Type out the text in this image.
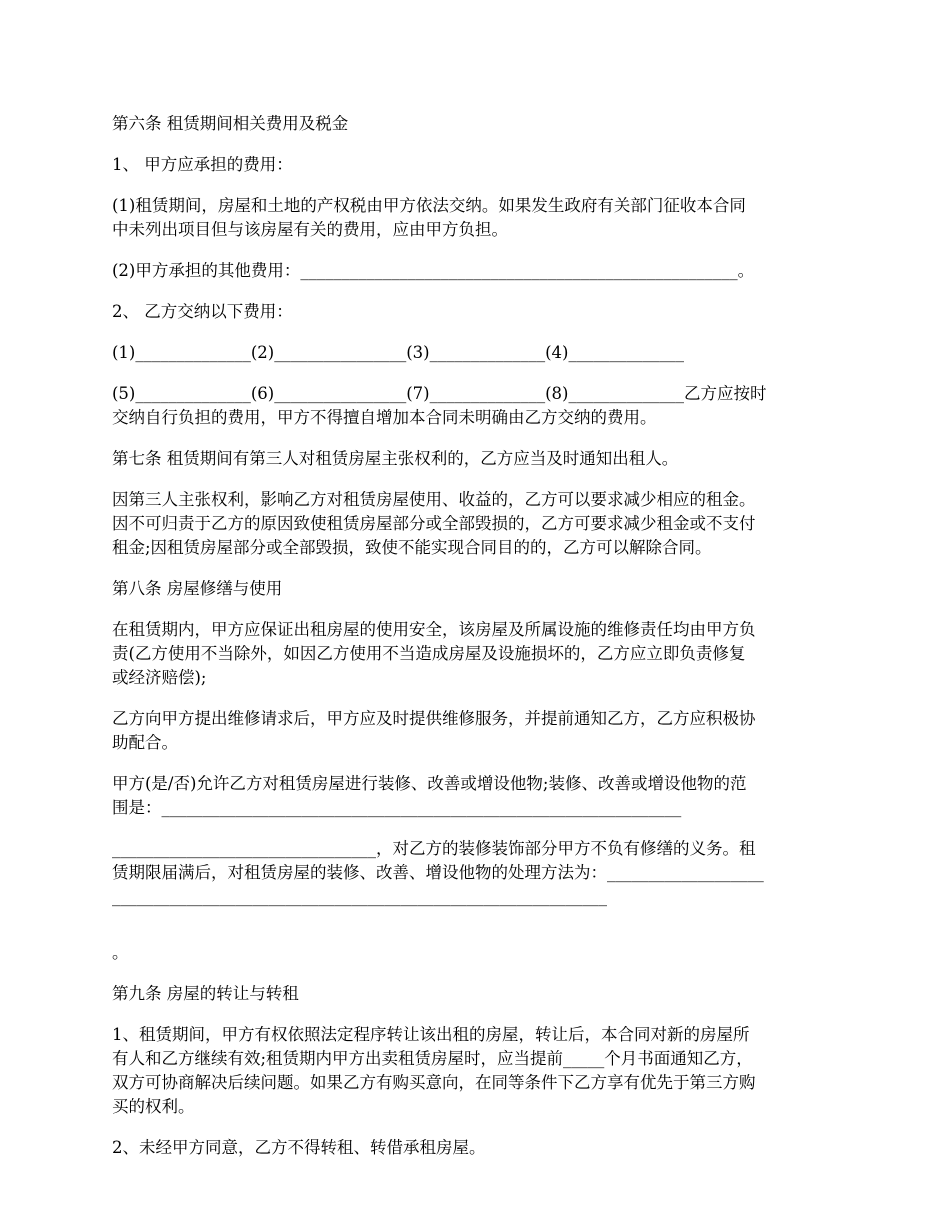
第六条 租赁期间相关费用及税金

1、 甲方应承担的费用：

(1)租赁期间，房屋和土地的产权税由甲方依法交纳。如果发生政府有关部门征收本合同
中未列出项目但与该房屋有关的费用，应由甲方负担。

(2)甲方承担的其他费用：_____________________________________________________。

2、 乙方交纳以下费用：

(1)______________(2)________________(3)______________(4)______________

(5)______________(6)________________(7)______________(8)______________乙方应按时
交纳自行负担的费用，甲方不得擅自增加本合同未明确由乙方交纳的费用。

第七条 租赁期间有第三人对租赁房屋主张权利的，乙方应当及时通知出租人。

因第三人主张权利，影响乙方对租赁房屋使用、收益的，乙方可以要求减少相应的租金。
因不可归责于乙方的原因致使租赁房屋部分或全部毁损的，乙方可要求减少租金或不支付
租金;因租赁房屋部分或全部毁损，致使不能实现合同目的的，乙方可以解除合同。

第八条 房屋修缮与使用

在租赁期内，甲方应保证出租房屋的使用安全，该房屋及所属设施的维修责任均由甲方负
责(乙方使用不当除外，如因乙方使用不当造成房屋及设施损坏的，乙方应立即负责修复
或经济赔偿);

乙方向甲方提出维修请求后，甲方应及时提供维修服务，并提前通知乙方，乙方应积极协
助配合。

甲方(是/否)允许乙方对租赁房屋进行装修、改善或增设他物;装修、改善或增设他物的范
围是：_______________________________________________________________

________________________________，对乙方的装修装饰部分甲方不负有修缮的义务。租
赁期限届满后，对租赁房屋的装修、改善、增设他物的处理方法为：___________________
____________________________________________________________

。

第九条 房屋的转让与转租

1、租赁期间，甲方有权依照法定程序转让该出租的房屋，转让后，本合同对新的房屋所
有人和乙方继续有效;租赁期内甲方出卖租赁房屋时，应当提前_____个月书面通知乙方，
双方可协商解决后续问题。如果乙方有购买意向，在同等条件下乙方享有优先于第三方购
买的权利。

2、未经甲方同意，乙方不得转租、转借承租房屋。
